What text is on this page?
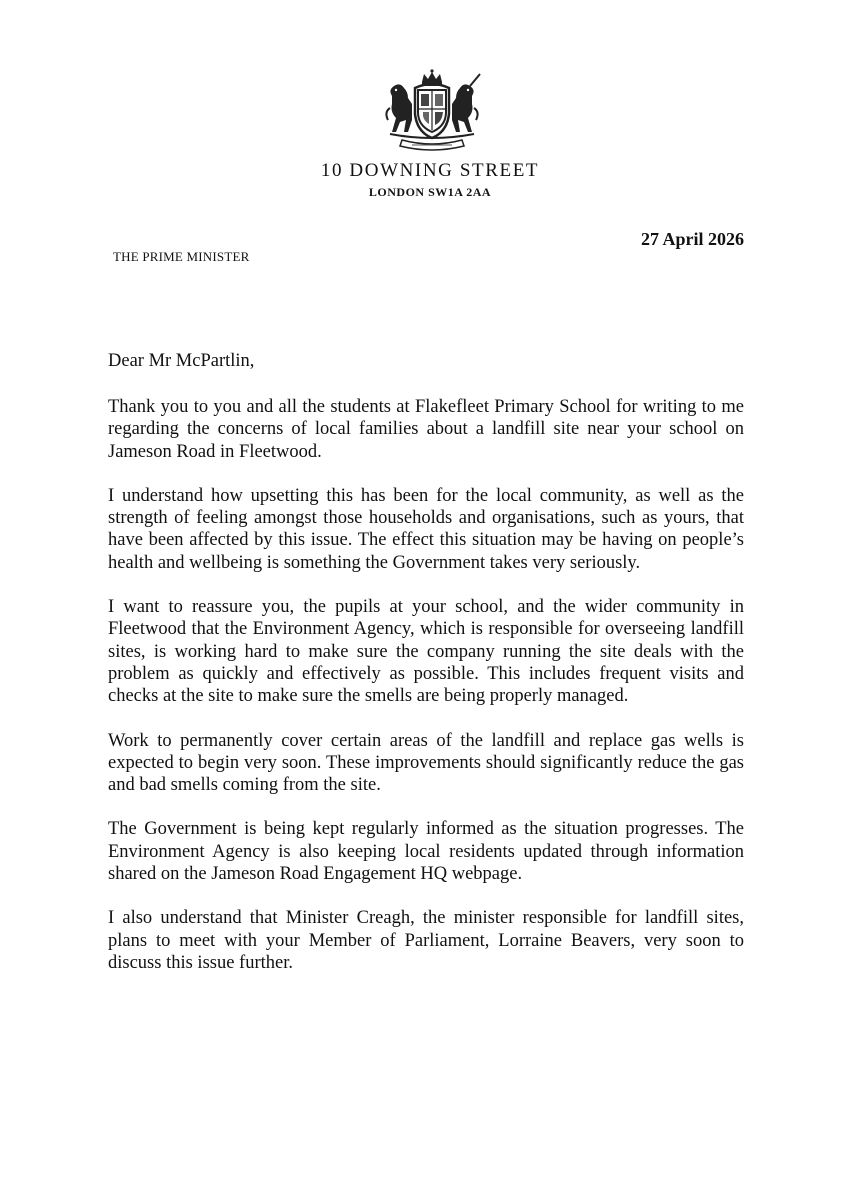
10 DOWNING STREET
LONDON SW1A 2AA
27 April 2026
THE PRIME MINISTER
Dear Mr McPartlin,

Thank you to you and all the students at Flakefleet Primary School for writing to me regarding the concerns of local families about a landfill site near your school on Jameson Road in Fleetwood.

I understand how upsetting this has been for the local community, as well as the strength of feeling amongst those households and organisations, such as yours, that have been affected by this issue. The effect this situation may be having on people’s health and wellbeing is something the Government takes very seriously.

I want to reassure you, the pupils at your school, and the wider community in Fleetwood that the Environment Agency, which is responsible for overseeing landfill sites, is working hard to make sure the company running the site deals with the problem as quickly and effectively as possible. This includes frequent visits and checks at the site to make sure the smells are being properly managed.

Work to permanently cover certain areas of the landfill and replace gas wells is expected to begin very soon. These improvements should significantly reduce the gas and bad smells coming from the site.

The Government is being kept regularly informed as the situation progresses. The Environment Agency is also keeping local residents updated through information shared on the Jameson Road Engagement HQ webpage.

I also understand that Minister Creagh, the minister responsible for landfill sites, plans to meet with your Member of Parliament, Lorraine Beavers, very soon to discuss this issue further.
